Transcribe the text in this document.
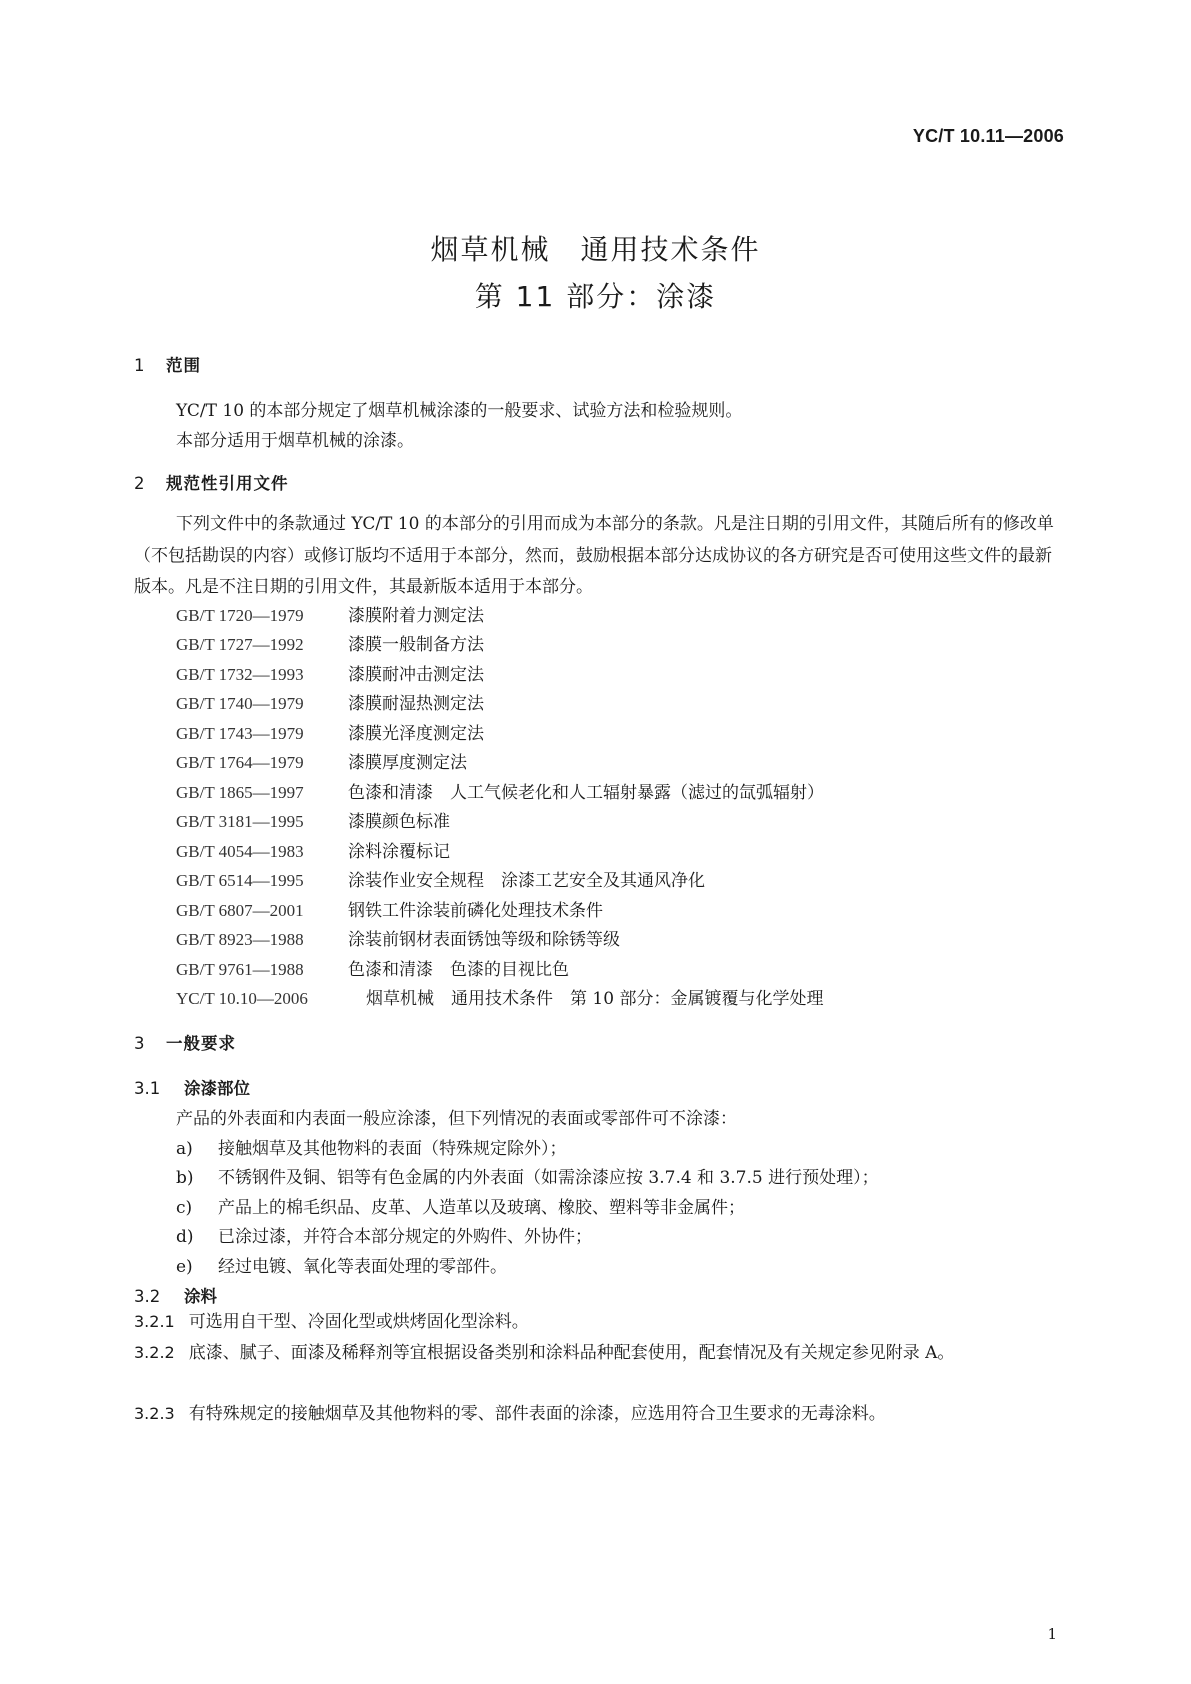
YC/T 10.11—2006
烟草机械　通用技术条件
第 11 部分：涂漆
1 范围
YC/T 10 的本部分规定了烟草机械涂漆的一般要求、试验方法和检验规则。
本部分适用于烟草机械的涂漆。
2 规范性引用文件
下列文件中的条款通过 YC/T 10 的本部分的引用而成为本部分的条款。凡是注日期的引用文件，其随后所有的修改单（不包括勘误的内容）或修订版均不适用于本部分，然而，鼓励根据本部分达成协议的各方研究是否可使用这些文件的最新版本。凡是不注日期的引用文件，其最新版本适用于本部分。
GB/T 1720—1979	漆膜附着力测定法
GB/T 1727—1992	漆膜一般制备方法
GB/T 1732—1993	漆膜耐冲击测定法
GB/T 1740—1979	漆膜耐湿热测定法
GB/T 1743—1979	漆膜光泽度测定法
GB/T 1764—1979	漆膜厚度测定法
GB/T 1865—1997	色漆和清漆　人工气候老化和人工辐射暴露（滤过的氙弧辐射）
GB/T 3181—1995	漆膜颜色标准
GB/T 4054—1983	涂料涂覆标记
GB/T 6514—1995	涂装作业安全规程　涂漆工艺安全及其通风净化
GB/T 6807—2001	钢铁工件涂装前磷化处理技术条件
GB/T 8923—1988	涂装前钢材表面锈蚀等级和除锈等级
GB/T 9761—1988	色漆和清漆　色漆的目视比色
YC/T 10.10—2006	烟草机械　通用技术条件　第 10 部分：金属镀覆与化学处理
3 一般要求
3.1 涂漆部位
产品的外表面和内表面一般应涂漆，但下列情况的表面或零部件可不涂漆：
a) 接触烟草及其他物料的表面（特殊规定除外）；
b) 不锈钢件及铜、铝等有色金属的内外表面（如需涂漆应按 3.7.4 和 3.7.5 进行预处理）；
c) 产品上的棉毛织品、皮革、人造革以及玻璃、橡胶、塑料等非金属件；
d) 已涂过漆，并符合本部分规定的外购件、外协件；
e) 经过电镀、氧化等表面处理的零部件。
3.2 涂料
3.2.1 可选用自干型、冷固化型或烘烤固化型涂料。
3.2.2 底漆、腻子、面漆及稀释剂等宜根据设备类别和涂料品种配套使用，配套情况及有关规定参见附录 A。
3.2.3 有特殊规定的接触烟草及其他物料的零、部件表面的涂漆，应选用符合卫生要求的无毒涂料。
1
